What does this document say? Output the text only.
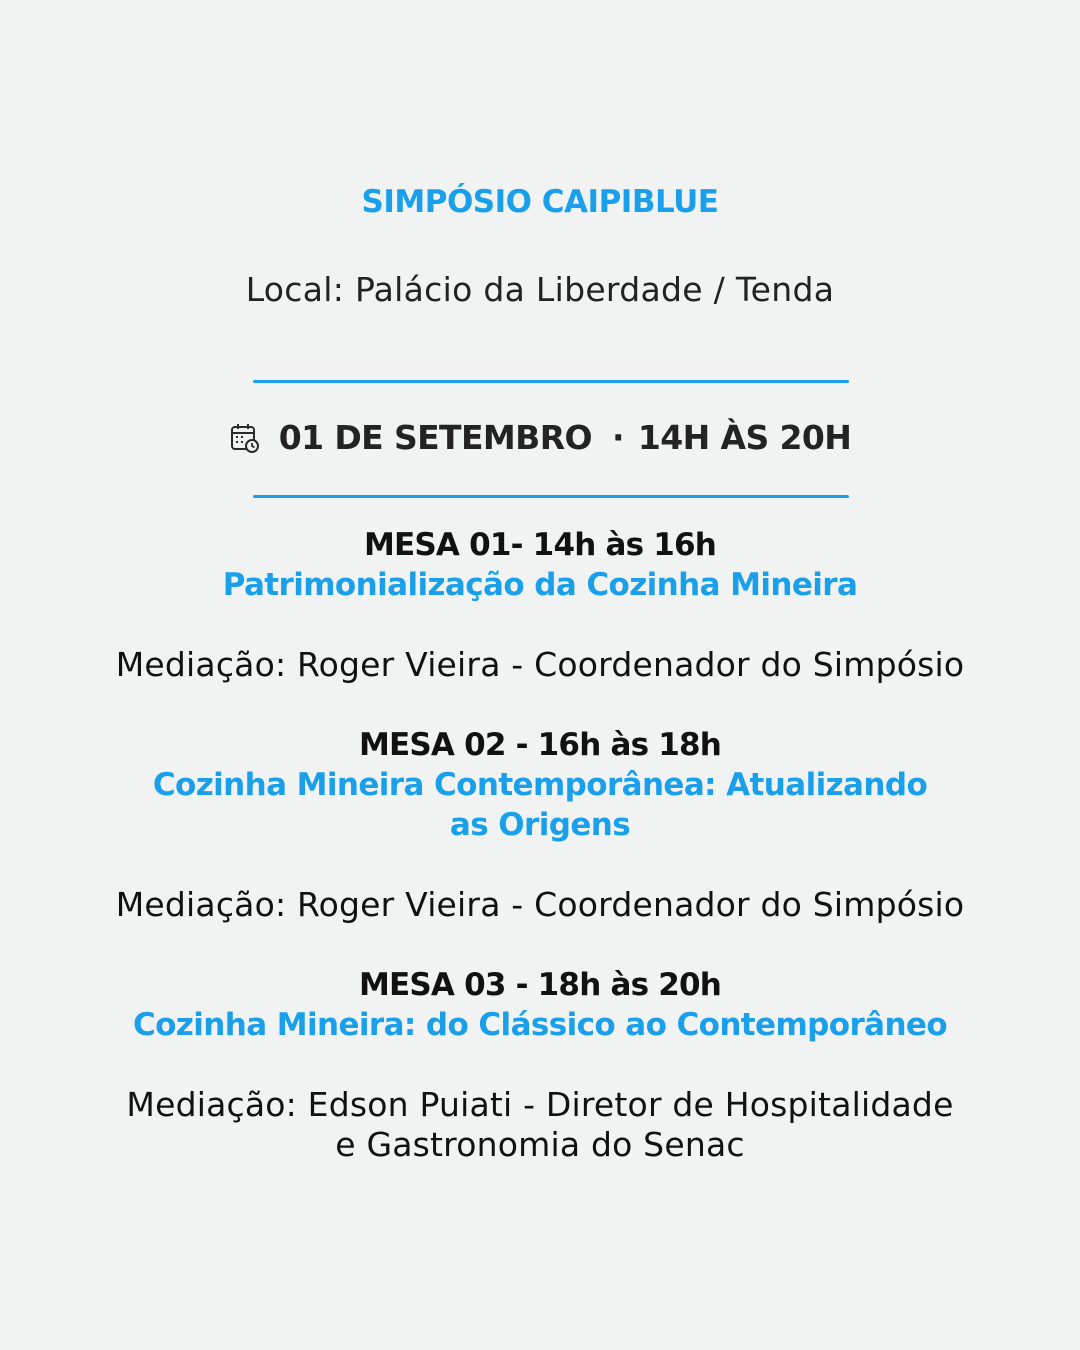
SIMPÓSIO CAIPIBLUE
Local: Palácio da Liberdade / Tenda
01 DE SETEMBRO · 14H ÀS 20H
MESA 01- 14h às 16h
Patrimonialização da Cozinha Mineira
Mediação: Roger Vieira - Coordenador do Simpósio
MESA 02 - 16h às 18h
Cozinha Mineira Contemporânea: Atualizando
as Origens
Mediação: Roger Vieira - Coordenador do Simpósio
MESA 03 - 18h às 20h
Cozinha Mineira: do Clássico ao Contemporâneo
Mediação: Edson Puiati - Diretor de Hospitalidade
e Gastronomia do Senac
